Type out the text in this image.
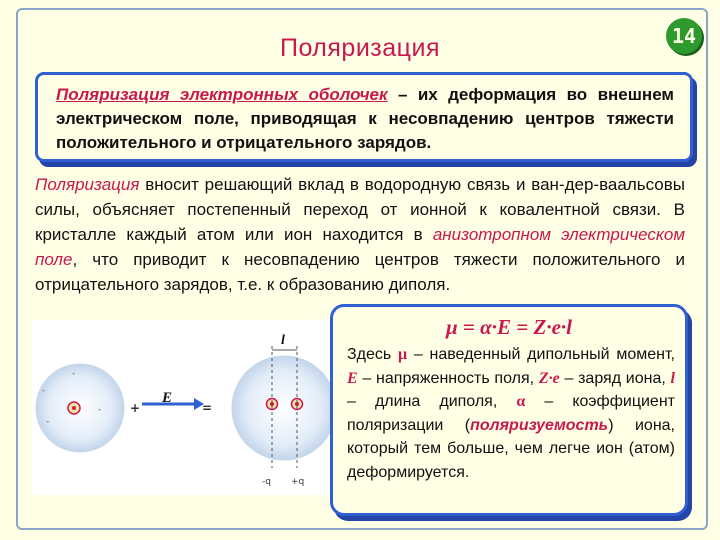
Поляризация	14
Поляризация электронных оболочек – их деформация во внешнем электрическом поле, приводящая к несовпадению центров тяжести положительного и отрицательного зарядов.
Поляризация вносит решающий вклад в водородную связь и ван-дер-ваальсовы силы, объясняет постепенный переход от ионной к ковалентной связи. В кристалле каждый атом или ион находится в анизотропном электрическом поле, что приводит к несовпадению центров тяжести положительного и отрицательного зарядов, т.е. к образованию диполя.
-
-
-
-
+
E
=
l
-q +q
μ = α·E = Z·e·l
Здесь μ – наведенный дипольный момент, E – напряженность поля, Z·e – заряд иона, l – длина диполя, α – коэффициент поляризации (поляризуемость) иона, который тем больше, чем легче ион (атом) деформируется.
